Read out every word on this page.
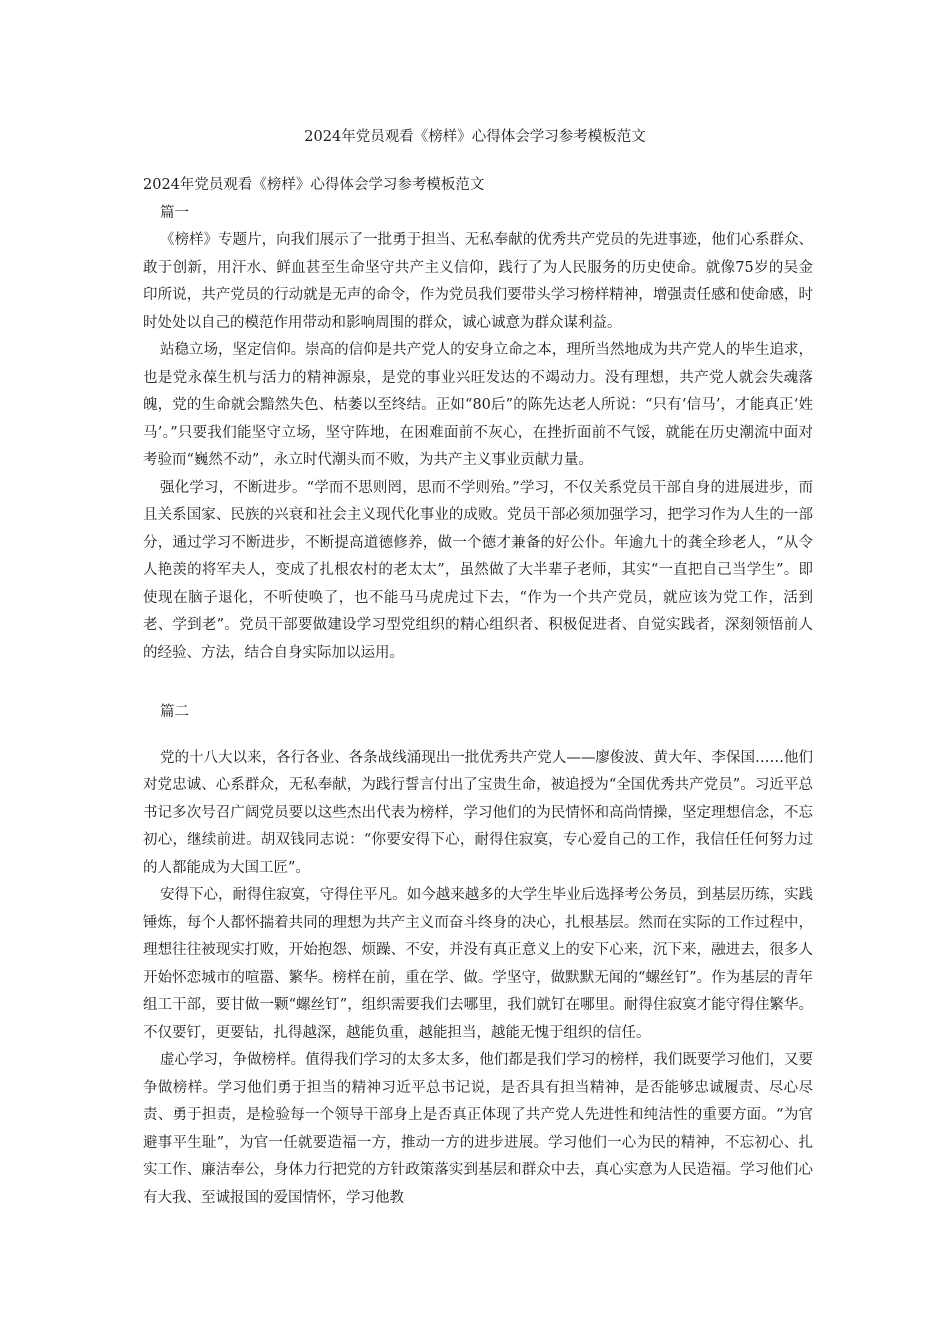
2024年党员观看《榜样》心得体会学习参考模板范文

2024年党员观看《榜样》心得体会学习参考模板范文

篇一

《榜样》专题片，向我们展示了一批勇于担当、无私奉献的优秀共产党员的先进事迹，他们心系群众、敢于创新，用汗水、鲜血甚至生命坚守共产主义信仰，践行了为人民服务的历史使命。就像75岁的吴金印所说，共产党员的行动就是无声的命令，作为党员我们要带头学习榜样精神，增强责任感和使命感，时时处处以自己的模范作用带动和影响周围的群众，诚心诚意为群众谋利益。

站稳立场，坚定信仰。崇高的信仰是共产党人的安身立命之本，理所当然地成为共产党人的毕生追求，也是党永葆生机与活力的精神源泉，是党的事业兴旺发达的不竭动力。没有理想，共产党人就会失魂落魄，党的生命就会黯然失色、枯萎以至终结。正如“80后”的陈先达老人所说：“只有‘信马’，才能真正‘姓马’。”只要我们能坚守立场，坚守阵地，在困难面前不灰心，在挫折面前不气馁，就能在历史潮流中面对考验而“巍然不动”，永立时代潮头而不败，为共产主义事业贡献力量。

强化学习，不断进步。“学而不思则罔，思而不学则殆。”学习，不仅关系党员干部自身的进展进步，而且关系国家、民族的兴衰和社会主义现代化事业的成败。党员干部必须加强学习，把学习作为人生的一部分，通过学习不断进步，不断提高道德修养，做一个德才兼备的好公仆。年逾九十的龚全珍老人，“从令人艳羡的将军夫人，变成了扎根农村的老太太”，虽然做了大半辈子老师，其实“一直把自己当学生”。即使现在脑子退化，不听使唤了，也不能马马虎虎过下去，“作为一个共产党员，就应该为党工作，活到老、学到老”。党员干部要做建设学习型党组织的精心组织者、积极促进者、自觉实践者，深刻领悟前人的经验、方法，结合自身实际加以运用。

篇二

党的十八大以来，各行各业、各条战线涌现出一批优秀共产党人——廖俊波、黄大年、李保国……他们对党忠诚、心系群众，无私奉献，为践行誓言付出了宝贵生命，被追授为“全国优秀共产党员”。习近平总书记多次号召广阔党员要以这些杰出代表为榜样，学习他们的为民情怀和高尚情操，坚定理想信念，不忘初心，继续前进。胡双钱同志说：“你要安得下心，耐得住寂寞，专心爱自己的工作，我信任任何努力过的人都能成为大国工匠”。

安得下心，耐得住寂寞，守得住平凡。如今越来越多的大学生毕业后选择考公务员，到基层历练，实践锤炼，每个人都怀揣着共同的理想为共产主义而奋斗终身的决心，扎根基层。然而在实际的工作过程中，理想往往被现实打败，开始抱怨、烦躁、不安，并没有真正意义上的安下心来，沉下来，融进去，很多人开始怀恋城市的喧嚣、繁华。榜样在前，重在学、做。学坚守，做默默无闻的“螺丝钉”。作为基层的青年组工干部，要甘做一颗“螺丝钉”，组织需要我们去哪里，我们就钉在哪里。耐得住寂寞才能守得住繁华。不仅要钉，更要钻，扎得越深，越能负重，越能担当，越能无愧于组织的信任。

虚心学习，争做榜样。值得我们学习的太多太多，他们都是我们学习的榜样，我们既要学习他们，又要争做榜样。学习他们勇于担当的精神习近平总书记说，是否具有担当精神，是否能够忠诚履责、尽心尽责、勇于担责，是检验每一个领导干部身上是否真正体现了共产党人先进性和纯洁性的重要方面。“为官避事平生耻”，为官一任就要造福一方，推动一方的进步进展。学习他们一心为民的精神，不忘初心、扎实工作、廉洁奉公，身体力行把党的方针政策落实到基层和群众中去，真心实意为人民造福。学习他们心有大我、至诚报国的爱国情怀，学习他教
